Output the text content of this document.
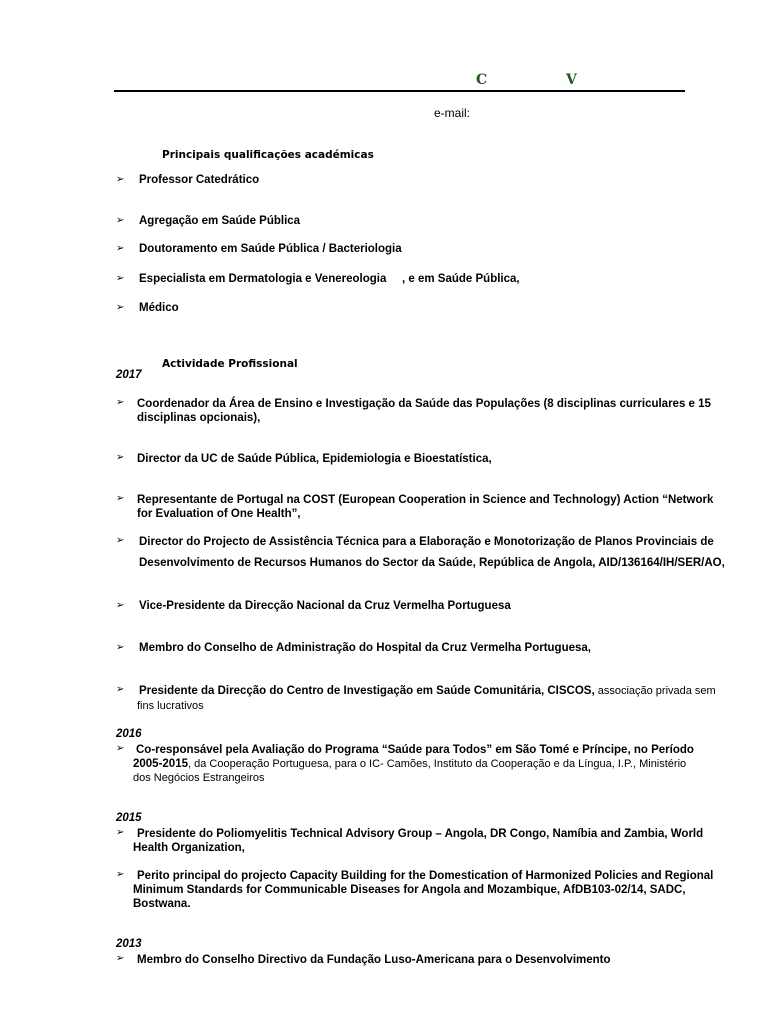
C	V
e-mail:
Principais qualificações académicas
➢ Professor Catedrático
➢ Agregação em Saúde Pública
➢ Doutoramento em Saúde Pública / Bacteriologia
➢ Especialista em Dermatologia e Venereologia , e em Saúde Pública,
➢ Médico
Actividade Profissional
2017
➢ Coordenador da Área de Ensino e Investigação da Saúde das Populações (8 disciplinas curriculares e 15
disciplinas opcionais),
➢ Director da UC de Saúde Pública, Epidemiologia e Bioestatística,
➢ Representante de Portugal na COST (European Cooperation in Science and Technology) Action “Network
for Evaluation of One Health”,
➢ Director do Projecto de Assistência Técnica para a Elaboração e Monotorização de Planos Provinciais de
Desenvolvimento de Recursos Humanos do Sector da Saúde, República de Angola, AID/136164/IH/SER/AO,
➢ Vice-Presidente da Direcção Nacional da Cruz Vermelha Portuguesa
➢ Membro do Conselho de Administração do Hospital da Cruz Vermelha Portuguesa,
➢ Presidente da Direcção do Centro de Investigação em Saúde Comunitária, CISCOS, associação privada sem
fins lucrativos
2016
➢ Co-responsável pela Avaliação do Programa “Saúde para Todos” em São Tomé e Príncipe, no Período
2005-2015, da Cooperação Portuguesa, para o IC- Camões, Instituto da Cooperação e da Língua, I.P., Ministério
dos Negócios Estrangeiros
2015
➢ Presidente do Poliomyelitis Technical Advisory Group – Angola, DR Congo, Namíbia and Zambia, World
Health Organization,
➢ Perito principal do projecto Capacity Building for the Domestication of Harmonized Policies and Regional
Minimum Standards for Communicable Diseases for Angola and Mozambique, AfDB103-02/14, SADC,
Bostwana.
2013
➢ Membro do Conselho Directivo da Fundação Luso-Americana para o Desenvolvimento
